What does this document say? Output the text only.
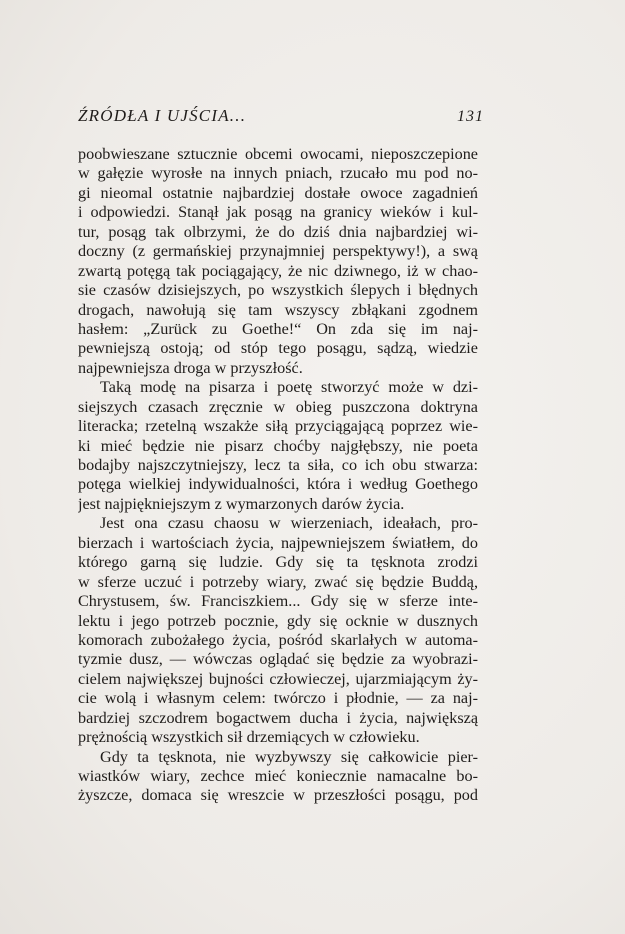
ŹRÓDŁA I UJŚCIA...	131
poobwieszane sztucznie obcemi owocami, nieposzczepione
w gałęzie wyrosłe na innych pniach, rzucało mu pod no-
gi nieomal ostatnie najbardziej dostałe owoce zagadnień
i odpowiedzi. Stanął jak posąg na granicy wieków i kul-
tur, posąg tak olbrzymi, że do dziś dnia najbardziej wi-
doczny (z germańskiej przynajmniej perspektywy!), a swą
zwartą potęgą tak pociągający, że nic dziwnego, iż w chao-
sie czasów dzisiejszych, po wszystkich ślepych i błędnych
drogach, nawołują się tam wszyscy zbłąkani zgodnem
hasłem: „Zurück zu Goethe!“ On zda się im naj-
pewniejszą ostoją; od stóp tego posągu, sądzą, wiedzie
najpewniejsza droga w przyszłość.
Taką modę na pisarza i poetę stworzyć może w dzi-
siejszych czasach zręcznie w obieg puszczona doktryna
literacka; rzetelną wszakże siłą przyciągającą poprzez wie-
ki mieć będzie nie pisarz choćby najgłębszy, nie poeta
bodajby najszczytniejszy, lecz ta siła, co ich obu stwarza:
potęga wielkiej indywidualności, która i według Goethego
jest najpiękniejszym z wymarzonych darów życia.
Jest ona czasu chaosu w wierzeniach, ideałach, pro-
bierzach i wartościach życia, najpewniejszem światłem, do
którego garną się ludzie. Gdy się ta tęsknota zrodzi
w sferze uczuć i potrzeby wiary, zwać się będzie Buddą,
Chrystusem, św. Franciszkiem... Gdy się w sferze inte-
lektu i jego potrzeb pocznie, gdy się ocknie w dusznych
komorach zubożałego życia, pośród skarlałych w automa-
tyzmie dusz, — wówczas oglądać się będzie za wyobrazi-
cielem największej bujności człowieczej, ujarzmiającym ży-
cie wolą i własnym celem: twórczo i płodnie, — za naj-
bardziej szczodrem bogactwem ducha i życia, największą
prężnością wszystkich sił drzemiących w człowieku.
Gdy ta tęsknota, nie wyzbywszy się całkowicie pier-
wiastków wiary, zechce mieć koniecznie namacalne bo-
żyszcze, domaca się wreszcie w przeszłości posągu, pod
